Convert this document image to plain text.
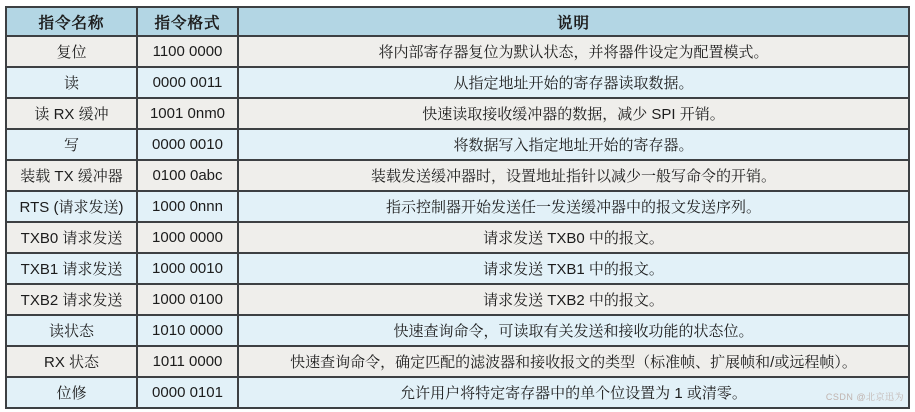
指令名称	指令格式	说明
复位	1100 0000	将内部寄存器复位为默认状态，并将器件设定为配置模式。
读	0000 0011	从指定地址开始的寄存器读取数据。
读 RX 缓冲	1001 0nm0	快速读取接收缓冲器的数据，减少 SPI 开销。
写	0000 0010	将数据写入指定地址开始的寄存器。
装载 TX 缓冲器	0100 0abc	装载发送缓冲器时，设置地址指针以减少一般写命令的开销。
RTS (请求发送)	1000 0nnn	指示控制器开始发送任一发送缓冲器中的报文发送序列。
TXB0 请求发送	1000 0000	请求发送 TXB0 中的报文。
TXB1 请求发送	1000 0010	请求发送 TXB1 中的报文。
TXB2 请求发送	1000 0100	请求发送 TXB2 中的报文。
读状态	1010 0000	快速查询命令，可读取有关发送和接收功能的状态位。
RX 状态	1011 0000	快速查询命令，确定匹配的滤波器和接收报文的类型（标准帧、扩展帧和/或远程帧）。
位修	0000 0101	允许用户将特定寄存器中的单个位设置为 1 或清零。	CSDN @北京迅为
